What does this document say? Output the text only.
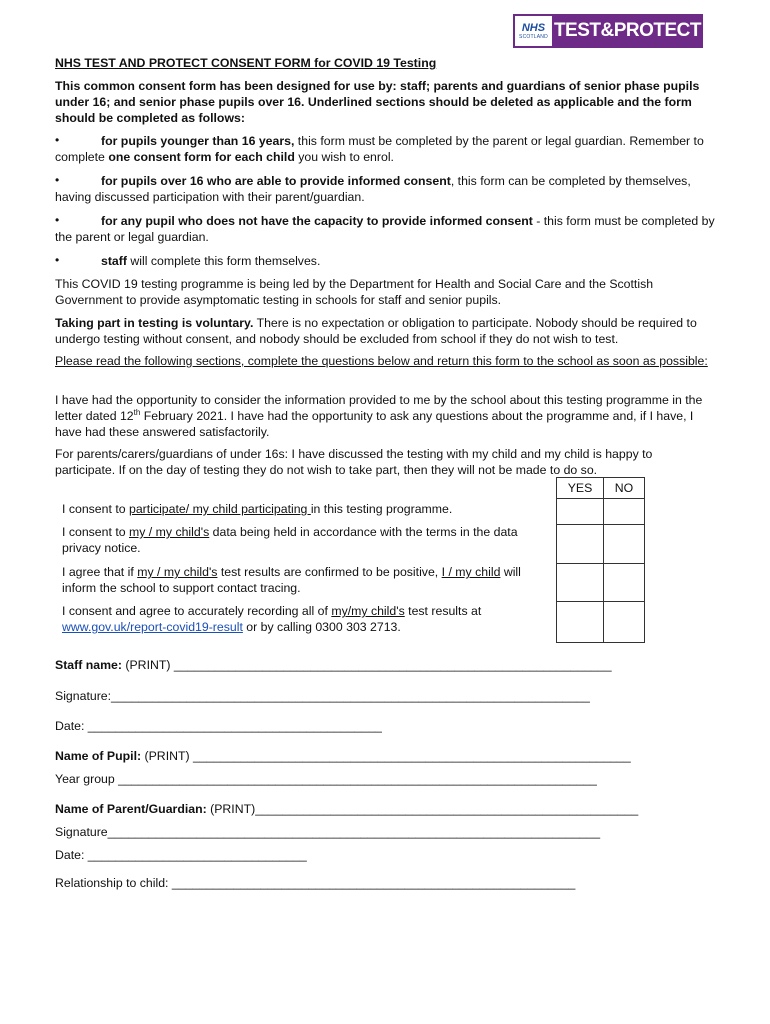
NHS
SCOTLAND TEST&PROTECT
NHS TEST AND PROTECT CONSENT FORM for COVID 19 Testing
This common consent form has been designed for use by: staff; parents and guardians of senior phase pupils under 16; and senior phase pupils over 16. Underlined sections should be deleted as applicable and the form should be completed as follows:
•	for pupils younger than 16 years, this form must be completed by the parent or legal guardian. Remember to complete one consent form for each child you wish to enrol.
•	for pupils over 16 who are able to provide informed consent, this form can be completed by themselves, having discussed participation with their parent/guardian.
•	for any pupil who does not have the capacity to provide informed consent - this form must be completed by the parent or legal guardian.
•	staff will complete this form themselves.
This COVID 19 testing programme is being led by the Department for Health and Social Care and the Scottish Government to provide asymptomatic testing in schools for staff and senior pupils.
Taking part in testing is voluntary. There is no expectation or obligation to participate. Nobody should be required to undergo testing without consent, and nobody should be excluded from school if they do not wish to test.
Please read the following sections, complete the questions below and return this form to the school as soon as possible:
I have had the opportunity to consider the information provided to me by the school about this testing programme in the letter dated 12th February 2021. I have had the opportunity to ask any questions about the programme and, if I have, I have had these answered satisfactorily.
For parents/carers/guardians of under 16s: I have discussed the testing with my child and my child is happy to participate. If on the day of testing they do not wish to take part, then they will not be made to do so.
YES	NO
I consent to participate/ my child participating in this testing programme.
I consent to my / my child's data being held in accordance with the terms in the data privacy notice.
I agree that if my / my child's test results are confirmed to be positive, I / my child will inform the school to support contact tracing.
I consent and agree to accurately recording all of my/my child's test results at www.gov.uk/report-covid19-result or by calling 0300 303 2713.
Staff name: (PRINT) ________________________________________________________________
Signature:______________________________________________________________________
Date: ___________________________________________
Name of Pupil: (PRINT) ________________________________________________________________
Year group ______________________________________________________________________
Name of Parent/Guardian: (PRINT)________________________________________________________
Signature________________________________________________________________________
Date: ________________________________
Relationship to child: ___________________________________________________________
